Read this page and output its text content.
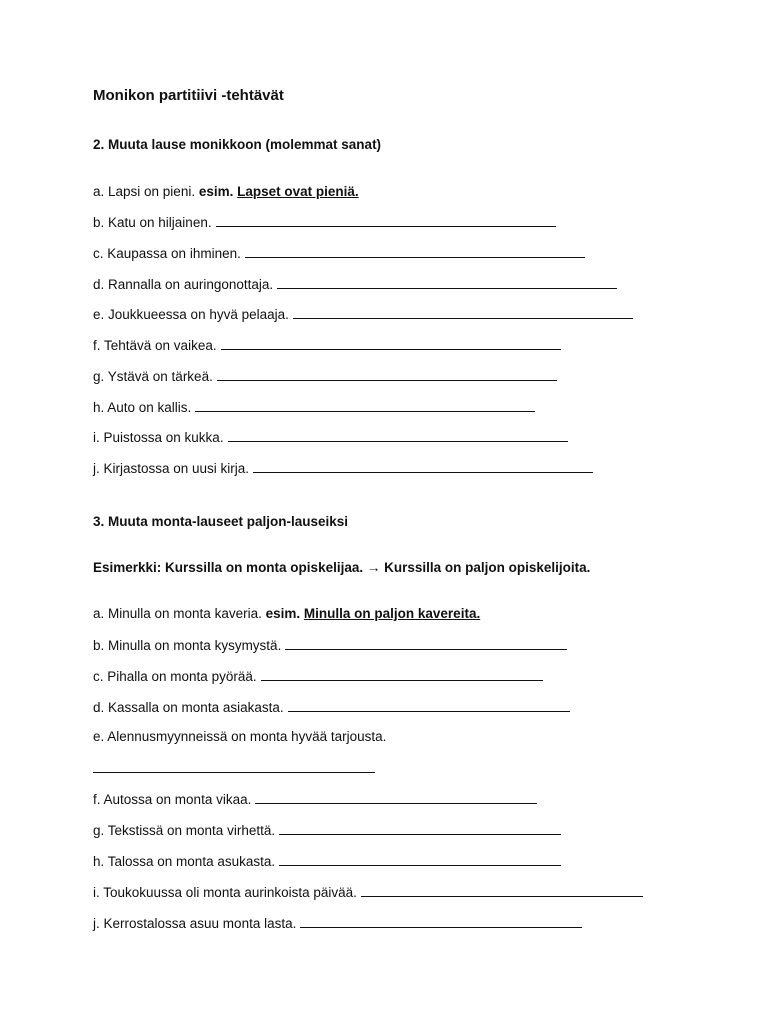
Monikon partitiivi -tehtävät
2. Muuta lause monikkoon (molemmat sanat)
a. Lapsi on pieni. esim. Lapset ovat pieniä.
b. Katu on hiljainen.
c. Kaupassa on ihminen.
d. Rannalla on auringonottaja.
e. Joukkueessa on hyvä pelaaja.
f. Tehtävä on vaikea.
g. Ystävä on tärkeä.
h. Auto on kallis.
i. Puistossa on kukka.
j. Kirjastossa on uusi kirja.
3. Muuta monta-lauseet paljon-lauseiksi
Esimerkki: Kurssilla on monta opiskelijaa. → Kurssilla on paljon opiskelijoita.
a. Minulla on monta kaveria. esim. Minulla on paljon kavereita.
b. Minulla on monta kysymystä.
c. Pihalla on monta pyörää.
d. Kassalla on monta asiakasta.
e. Alennusmyynneissä on monta hyvää tarjousta.
f. Autossa on monta vikaa.
g. Tekstissä on monta virhettä.
h. Talossa on monta asukasta.
i. Toukokuussa oli monta aurinkoista päivää.
j. Kerrostalossa asuu monta lasta.
